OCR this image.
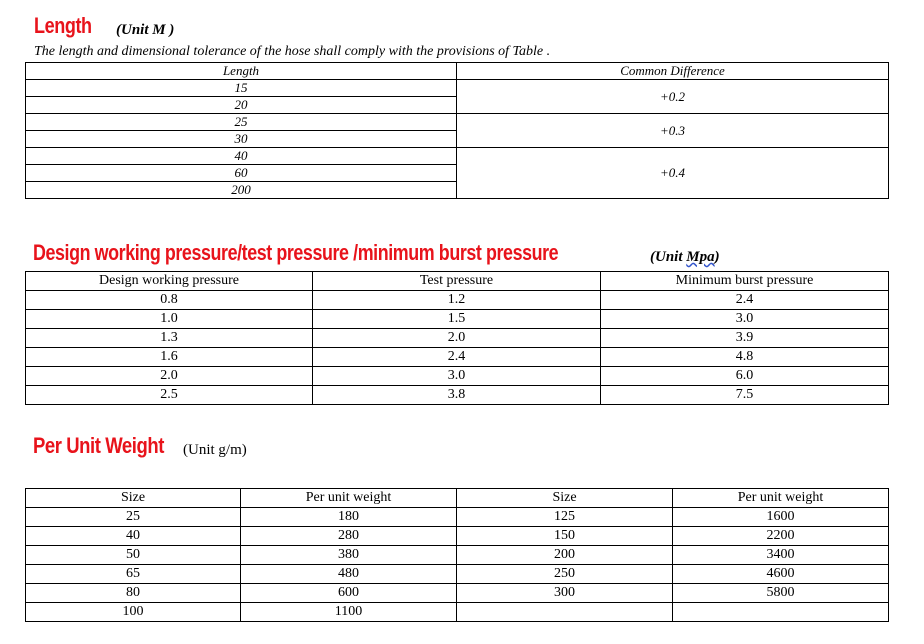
Length (Unit M )
The length and dimensional tolerance of the hose shall comply with the provisions of Table .
Length	Common Difference
15	+0.2
20	
25	+0.3
30	
40	+0.4
60	
200	
Design working pressure/test pressure /minimum burst pressure	(Unit Mpa)
Design working pressure	Test pressure	Minimum burst pressure
0.8	1.2	2.4
1.0	1.5	3.0
1.3	2.0	3.9
1.6	2.4	4.8
2.0	3.0	6.0
2.5	3.8	7.5
Per Unit Weight (Unit g/m)
Size	Per unit weight	Size	Per unit weight
25	180	125	1600
40	280	150	2200
50	380	200	3400
65	480	250	4600
80	600	300	5800
100	1100		
